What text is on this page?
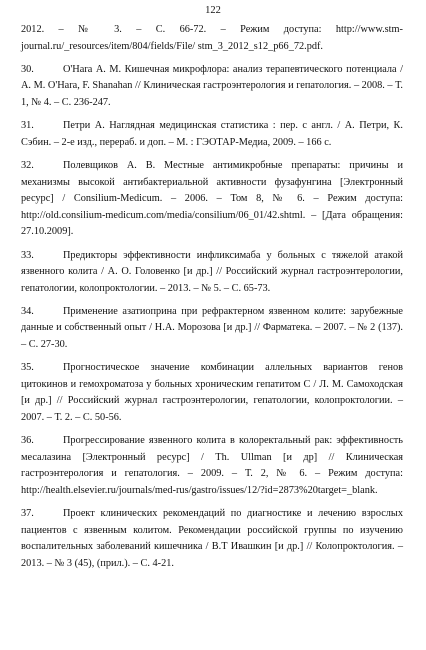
122

2012. – № 3. – С. 66-72. – Режим доступа: http://www.stm-journal.ru/_resources/item/804/fields/File/ stm_3_2012_s12_p66_72.pdf.

30.	O'Hara А. М. Кишечная микрофлора: анализ терапевтического потенциала / А. М. O'Hara, F. Shanahan // Клиническая гастроэнтерология и гепатология. – 2008. – Т. 1, № 4. – С. 236-247.

31.	Петри А. Наглядная медицинская статистика : пер. с англ. / А. Петри, К. Сэбин. – 2-е изд., перераб. и доп. – М. : ГЭОТАР-Медиа, 2009. – 166 с.

32.	Полевщиков А. В. Местные антимикробные препараты: причины и механизмы высокой антибактериальной активности фузафунгина [Электронный ресурс] / Consilium-Medicum. – 2006. – Том 8, № 6. – Режим доступа: http://old.consilium-medicum.com/media/consilium/06_01/42.shtml. – [Дата обращения: 27.10.2009].

33.	Предикторы эффективности инфликсимаба у больных с тяжелой атакой язвенного колита / А. О. Головенко [и др.] // Российский журнал гастроэнтерологии, гепатологии, колопроктологии. – 2013. – № 5. – С. 65-73.

34.	Применение азатиоприна при рефрактерном язвенном колите: зарубежные данные и собственный опыт / Н.А. Морозова [и др.] // Фарматека. – 2007. – № 2 (137). – С. 27-30.

35.	Прогностическое значение комбинации аллельных вариантов генов цитокинов и гемохроматоза у больных хроническим гепатитом С / Л. М. Самоходская [и др.] // Российский журнал гастроэнтерологии, гепатологии, колопроктологии. – 2007. – Т. 2. – С. 50-56.

36.	Прогрессирование язвенного колита в колоректальный рак: эффективность месалазина [Электронный ресурс] / Th. Ullman [и др] // Клиническая гастроэнтерология и гепатология. – 2009. – Т. 2, № 6. – Режим доступа: http://health.elsevier.ru/journals/med-rus/gastro/issues/12/?id=2873%20target=_blank.

37.	Проект клинических рекомендаций по диагностике и лечению взрослых пациентов с язвенным колитом. Рекомендации российской группы по изучению воспалительных заболеваний кишечника / В.Т Ивашкин [и др.] // Колопроктология. – 2013. – № 3 (45), (прил.). – С. 4-21.
